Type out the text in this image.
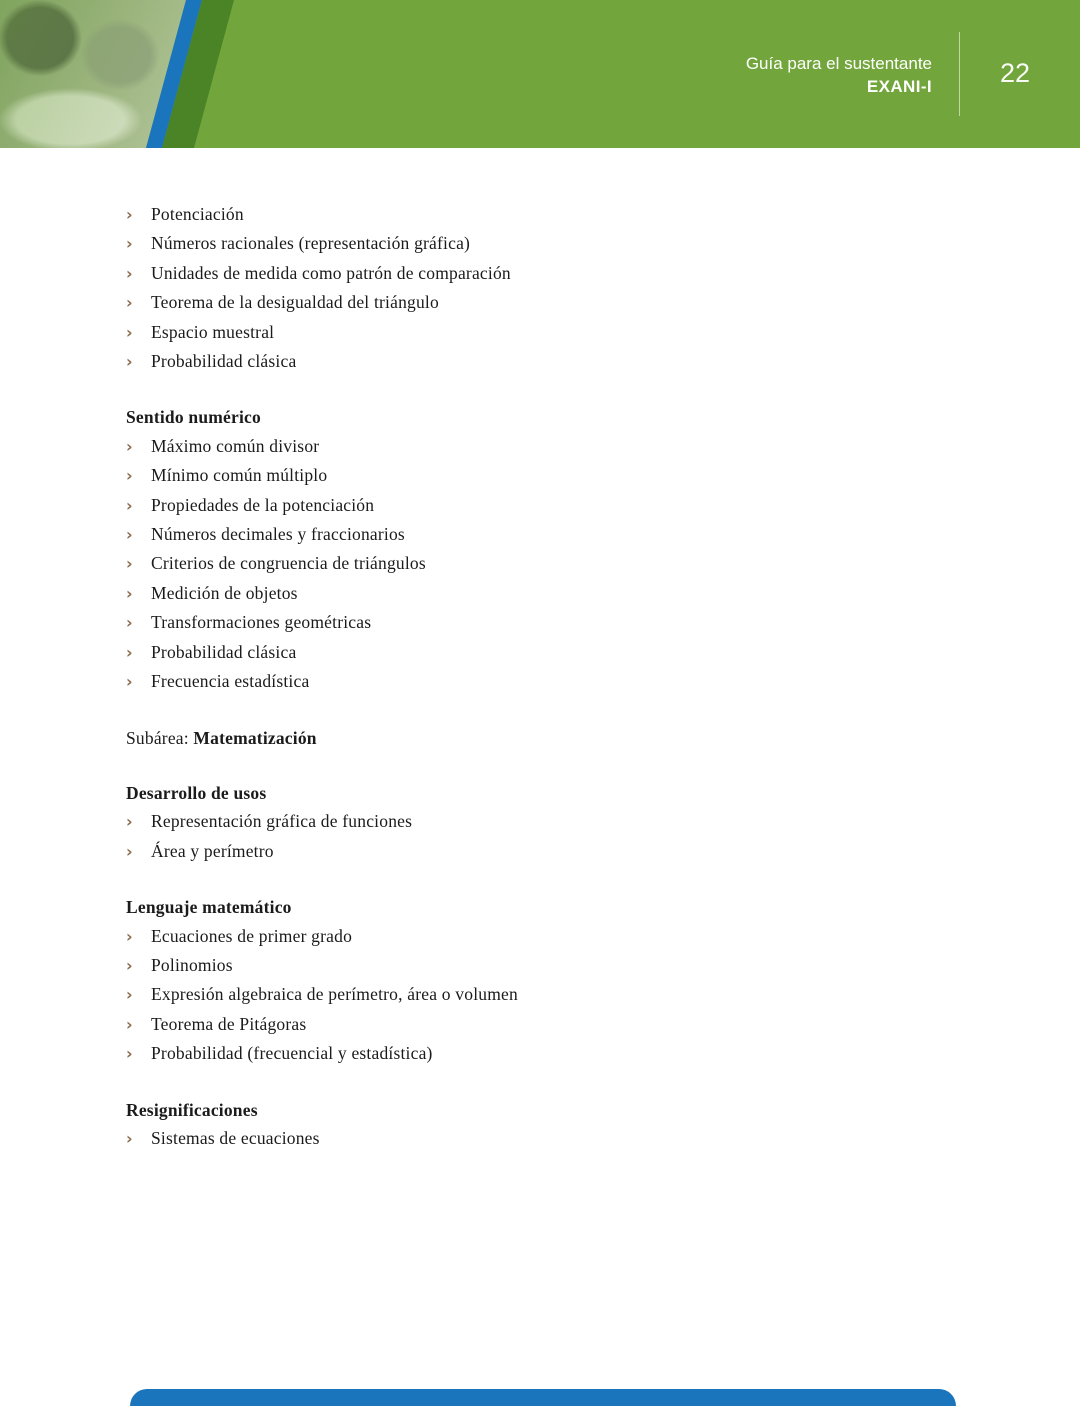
Guía para el sustentante
EXANI-I	22
›	Potenciación
›	Números racionales (representación gráfica)
›	Unidades de medida como patrón de comparación
›	Teorema de la desigualdad del triángulo
›	Espacio muestral
›	Probabilidad clásica
Sentido numérico
›	Máximo común divisor
›	Mínimo común múltiplo
›	Propiedades de la potenciación
›	Números decimales y fraccionarios
›	Criterios de congruencia de triángulos
›	Medición de objetos
›	Transformaciones geométricas
›	Probabilidad clásica
›	Frecuencia estadística

Subárea: Matematización

Desarrollo de usos
›	Representación gráfica de funciones
›	Área y perímetro
Lenguaje matemático
›	Ecuaciones de primer grado
›	Polinomios
›	Expresión algebraica de perímetro, área o volumen
›	Teorema de Pitágoras
›	Probabilidad (frecuencial y estadística)
Resignificaciones
›	Sistemas de ecuaciones
